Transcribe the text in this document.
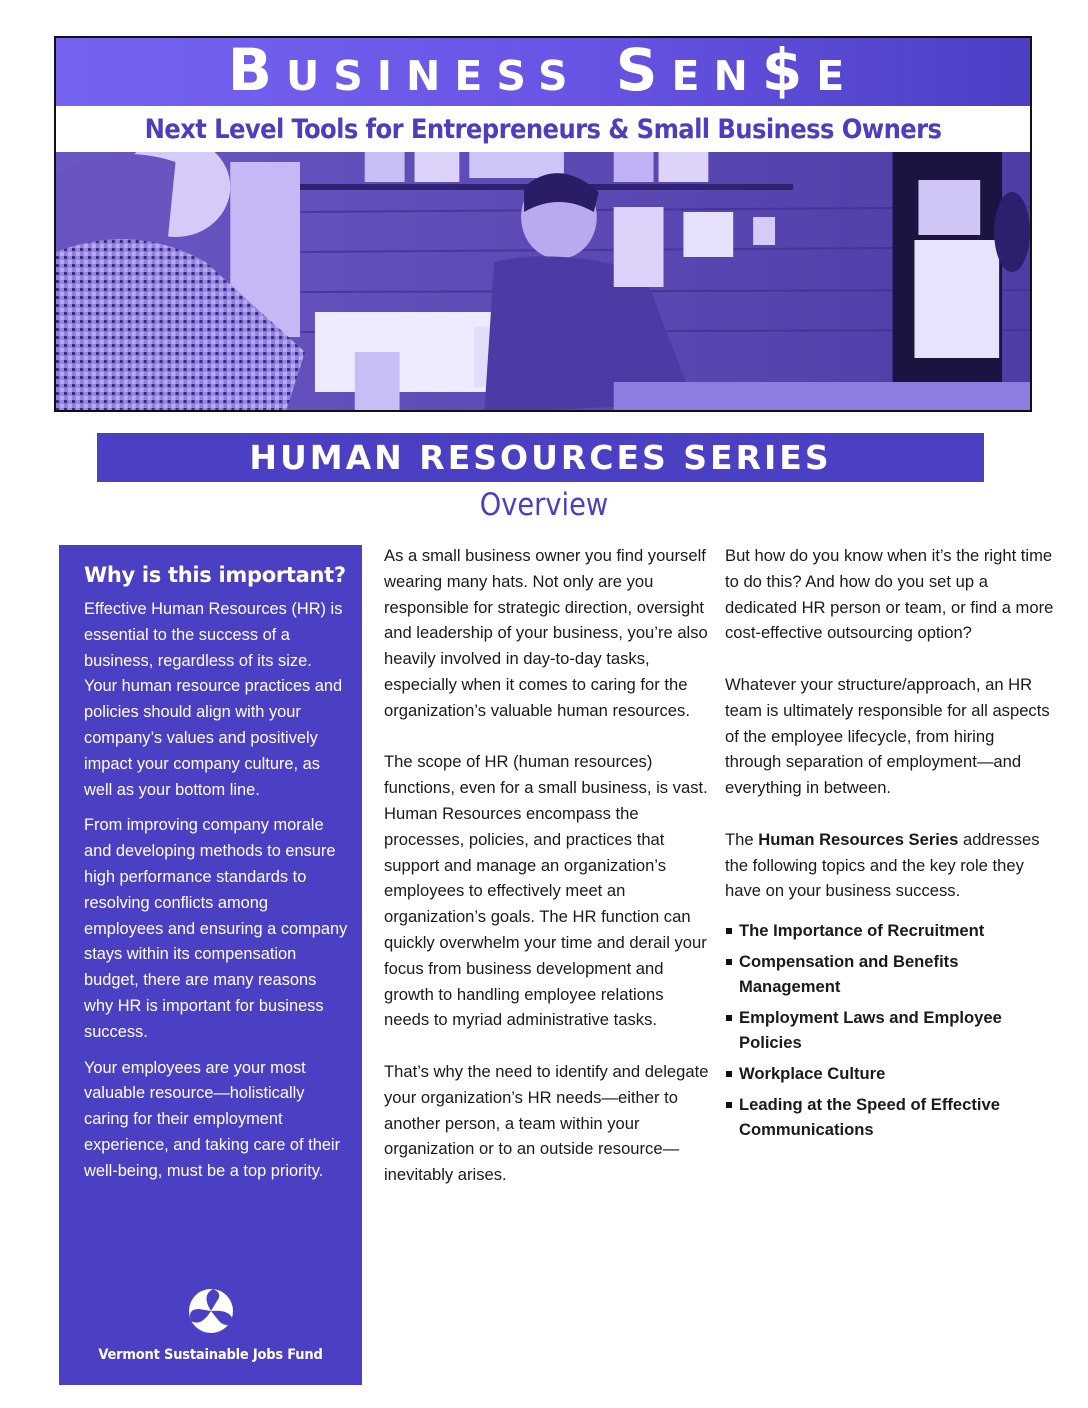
Business Sen$e
Next Level Tools for Entrepreneurs & Small Business Owners
HUMAN RESOURCES SERIES
Overview
Why is this important?

Effective Human Resources (HR) is essential to the success of a business, regardless of its size. Your human resource practices and policies should align with your company’s values and positively impact your company culture, as well as your bottom line.

From improving company morale and developing methods to ensure high performance standards to resolving conflicts among employees and ensuring a company stays within its compensation budget, there are many reasons why HR is important for business success.

Your employees are your most valuable resource—holistically caring for their employment experience, and taking care of their well-being, must be a top priority.

Vermont Sustainable Jobs Fund

As a small business owner you find yourself wearing many hats. Not only are you responsible for strategic direction, oversight and leadership of your business, you’re also heavily involved in day-to-day tasks, especially when it comes to caring for the organization’s valuable human resources.

The scope of HR (human resources) functions, even for a small business, is vast. Human Resources encompass the processes, policies, and practices that support and manage an organization’s employees to effectively meet an organization’s goals. The HR function can quickly overwhelm your time and derail your focus from business development and growth to handling employee relations needs to myriad administrative tasks.

That’s why the need to identify and delegate your organization’s HR needs—either to another person, a team within your organization or to an outside resource—inevitably arises.

But how do you know when it’s the right time to do this? And how do you set up a dedicated HR person or team, or find a more cost-effective outsourcing option?

Whatever your structure/approach, an HR team is ultimately responsible for all aspects of the employee lifecycle, from hiring through separation of employment—and everything in between.

The Human Resources Series addresses the following topics and the key role they have on your business success.

The Importance of Recruitment
Compensation and Benefits Management
Employment Laws and Employee Policies
Workplace Culture
Leading at the Speed of Effective Communications
